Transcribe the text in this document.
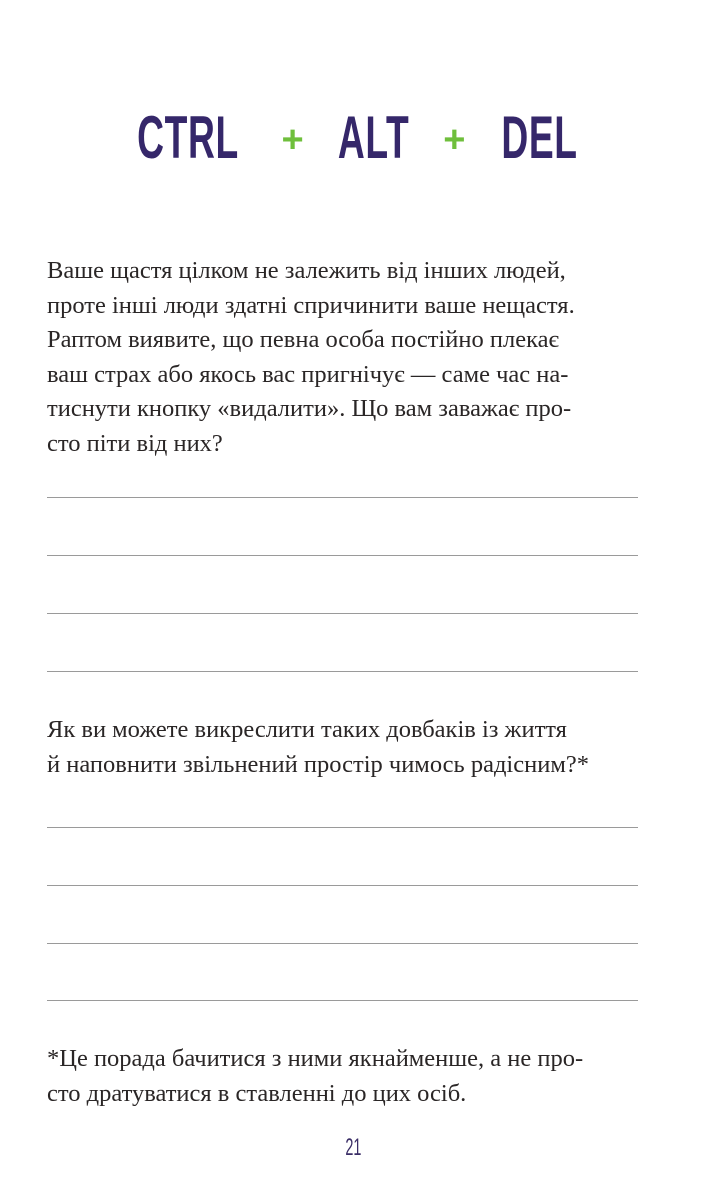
CTRL + ALT + DEL
Ваше щастя цілком не залежить від інших людей,
проте інші люди здатні спричинити ваше нещастя.
Раптом виявите, що певна особа постійно плекає
ваш страх або якось вас пригнічує — саме час на-
тиснути кнопку «видалити». Що вам заважає про-
сто піти від них?
Як ви можете викреслити таких довбаків із життя
й наповнити звільнений простір чимось радісним?*
*Це порада бачитися з ними якнайменше, а не про-
сто дратуватися в ставленні до цих осіб.
21
